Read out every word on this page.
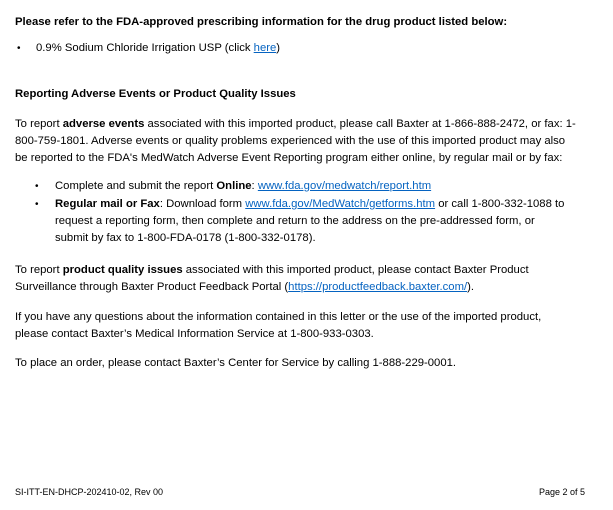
Please refer to the FDA-approved prescribing information for the drug product listed below:
• 0.9% Sodium Chloride Irrigation USP (click here)
Reporting Adverse Events or Product Quality Issues
To report adverse events associated with this imported product, please call Baxter at 1-866-888-2472, or fax: 1-
800-759-1801. Adverse events or quality problems experienced with the use of this imported product may also
be reported to the FDA's MedWatch Adverse Event Reporting program either online, by regular mail or by fax:
• Complete and submit the report Online: www.fda.gov/medwatch/report.htm
• Regular mail or Fax: Download form www.fda.gov/MedWatch/getforms.htm or call 1-800-332-1088 to
request a reporting form, then complete and return to the address on the pre-addressed form, or
submit by fax to 1-800-FDA-0178 (1-800-332-0178).
To report product quality issues associated with this imported product, please contact Baxter Product
Surveillance through Baxter Product Feedback Portal (https://productfeedback.baxter.com/).
If you have any questions about the information contained in this letter or the use of the imported product,
please contact Baxter’s Medical Information Service at 1-800-933-0303.
To place an order, please contact Baxter’s Center for Service by calling 1-888-229-0001.
SI-ITT-EN-DHCP-202410-02, Rev 00	Page 2 of 5
